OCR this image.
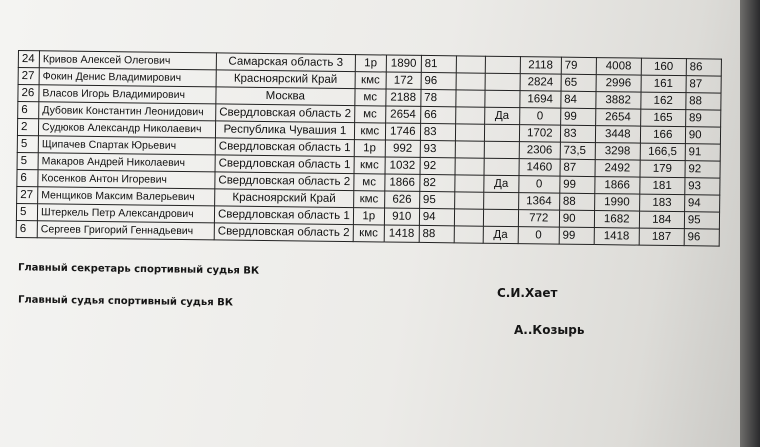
24	Кривов Алексей Олегович	Самарская область 3	1р	1890	81			2118	79	4008	160	86
27	Фокин Денис Владимирович	Красноярский Край	кмс	172	96			2824	65	2996	161	87
26	Власов Игорь Владимирович	Москва	мс	2188	78			1694	84	3882	162	88
6	Дубовик Константин Леонидович	Свердловская область 2	мс	2654	66		Да	0	99	2654	165	89
2	Судюков Александр Николаевич	Республика Чувашия 1	кмс	1746	83			1702	83	3448	166	90
5	Щипачев Спартак Юрьевич	Свердловская область 1	1р	992	93			2306	73,5	3298	166,5	91
5	Макаров Андрей Николаевич	Свердловская область 1	кмс	1032	92			1460	87	2492	179	92
6	Косенков Антон Игоревич	Свердловская область 2	мс	1866	82		Да	0	99	1866	181	93
27	Менщиков Максим Валерьевич	Красноярский Край	кмс	626	95			1364	88	1990	183	94
5	Штеркель Петр Александрович	Свердловская область 1	1р	910	94			772	90	1682	184	95
6	Сергеев Григорий Геннадьевич	Свердловская область 2	кмс	1418	88		Да	0	99	1418	187	96
Главный секретарь спортивный судья ВК
С.И.Хает
Главный судья спортивный судья ВК
А..Козырь
